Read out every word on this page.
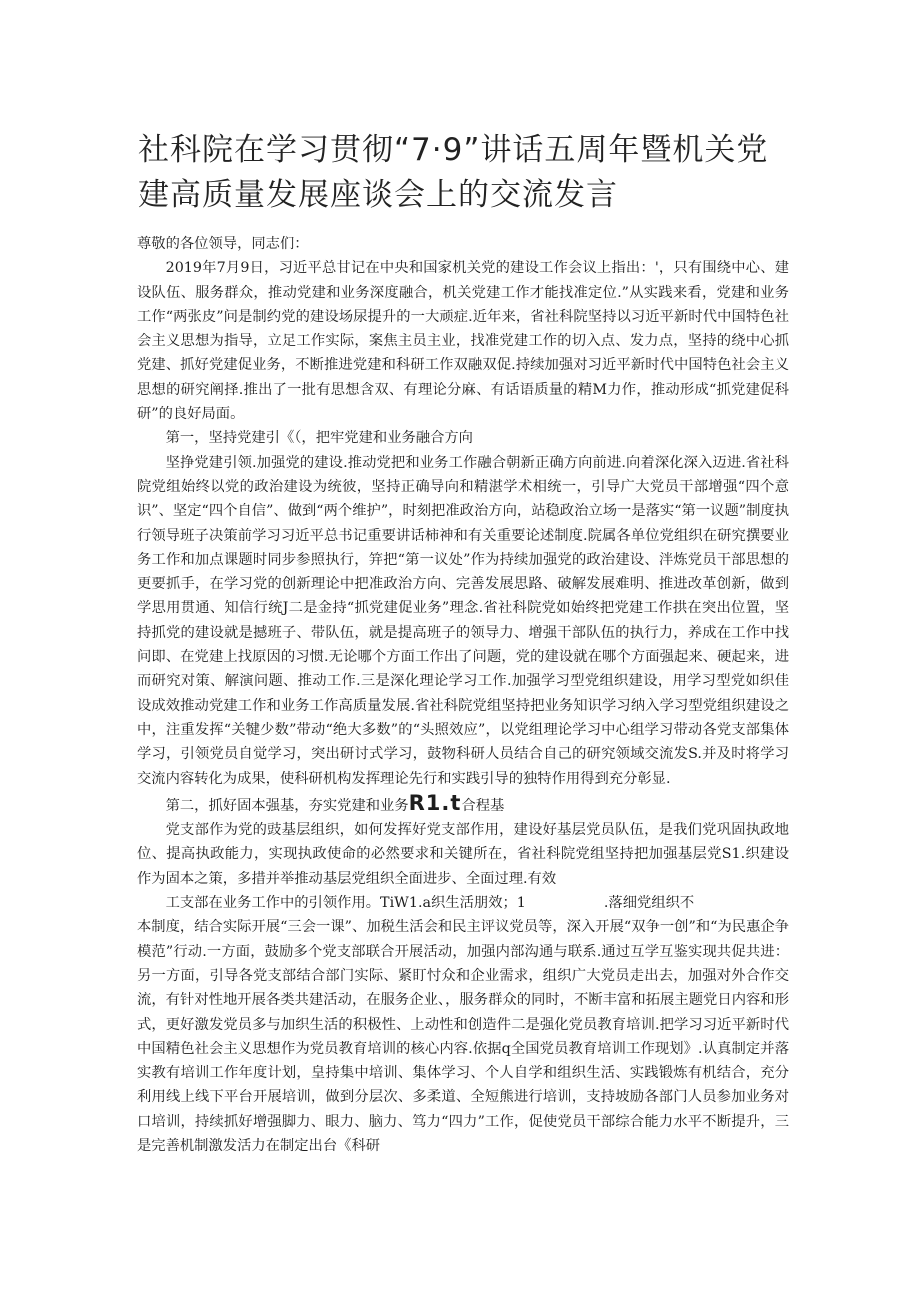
社科院在学习贯彻“7·9”讲话五周年暨机关党建高质量发展座谈会上的交流发言

尊敬的各位领导，同志们：

2019年7月9日，习近平总甘记在中央和国家机关党的建设工作会议上指出：'，只有围绕中心、建设队伍、服务群众，推动党建和业务深度融合，机关党建工作才能找准定位.”从实践来看，党建和业务工作“两张皮”问是制约党的建设场尿提升的一大顽症.近年来，省社科院坚持以习近平新时代中国特色社会主义思想为指导，立足工作实际，案焦主员主业，找准党建工作的切入点、发力点，坚持的绕中心抓党建、抓好党建促业务，不断推进党建和科研工作双融双促.持续加强对习近平新时代中国特色社会主义思想的研究阐择.推出了一批有思想含双、有理论分麻、有话语质量的精M力作，推动形成“抓党建促科研”的良好局面。

第一，坚持党建引《（，把牢党建和业务融合方向

坚挣党建引领.加强党的建设.推动党把和业务工作融合朝新正确方向前进.向着深化深入迈进.省社科院党组始终以党的政治建设为统彼，坚持正确导向和精湛学术相统一，引导广大党员干部增强“四个意识”、坚定“四个自信”、做到“两个维护”，时刻把准政治方向，站稳政治立场一是落实“第一议题”制度执行领导班子决策前学习习近平总书记重要讲话柿神和有关重要论述制度.院属各单位党组织在研究撰要业务工作和加点课题时同步参照执行，笄把“第一议处”作为持续加强党的政治建设、泮炼党员干部思想的更要抓手，在学习党的创新理论中把准政治方向、完善发展思路、破解发展难明、推进改革创新，做到学思用贯通、知信行统J二是金持“抓党建促业务”理念.省社科院党如始终把党建工作拱在突出位置，坚持抓党的建设就是撼班子、带队伍，就是提高班子的领导力、增强干部队伍的执行力，养成在工作中找问即、在党建上找原因的习惯.无论哪个方面工作出了问题，党的建设就在哪个方面强起来、硬起来，进而研究对策、解演问题、推动工作.三是深化理论学习工作.加强学习型党组织建设，用学习型党如织佳设成效推动党建工作和业务工作高质量发展.省社科院党组坚持把业务知识学习纳入学习型党组织建设之中，注重发挥“关犍少数”带动“绝大多数”的“头照效应”，以党组理论学习中心组学习带动各党支部集体学习，引领党员自觉学习，突出研讨式学习，鼓物科研人员结合自己的研究领域交流发S.并及时将学习交流内容转化为成果，使科研机构发挥理论先行和实践引导的独特作用得到充分彰显.

第二，抓好固本强基，夯实党建和业务R1.t合程基

党支部作为党的豉基层组织，如何发挥好党支部作用，建设好基层党员队伍，是我们党巩固执政地位、提高执政能力，实现执政使命的必然要求和关键所在，省社科院党组坚持把加强基层党S1.织建设作为固本之策，多措并举推动基层党组织全面进步、全面过理.有效

工支部在业务工作中的引领作用。TiW1.a织生活朋效；1	.落细党组织不

本制度，结合实际开展“三会一课”、加税生活会和民主评议党员等，深入开展“双争一创”和“为民惠企争模范”行动.一方面，鼓励多个党支部联合开展活动，加强内部沟通与联系.通过互学互鉴实现共促共进：另一方面，引导各党支部结合部门实际、紧盯忖众和企业需求，组织广大党员走出去，加强对外合作交流，有针对性地开展各类共建活动，在服务企业、，服务群众的同时，不断丰富和拓展主题党日内容和形式，更好激发党员多与加织生活的积极性、上动性和创造件二是强化党员教育培训.把学习习近平新时代中国精色社会主义思想作为党员教育培训的核心内容.依据q全国党员教育培训工作现划》.认真制定并落实教有培训工作年度计划，皇持集中培训、集体学习、个人自学和组织生活、实践锻炼有机结合，充分利用线上线下平台开展培训，做到分层次、多柔道、全短熊进行培训，支持坡励各部门人员参加业务对口培训，持续抓好增强脚力、眼力、脑力、笃力“四力”工作，促使党员干部综合能力水平不断提升，三是完善机制激发活力在制定出台《科研
